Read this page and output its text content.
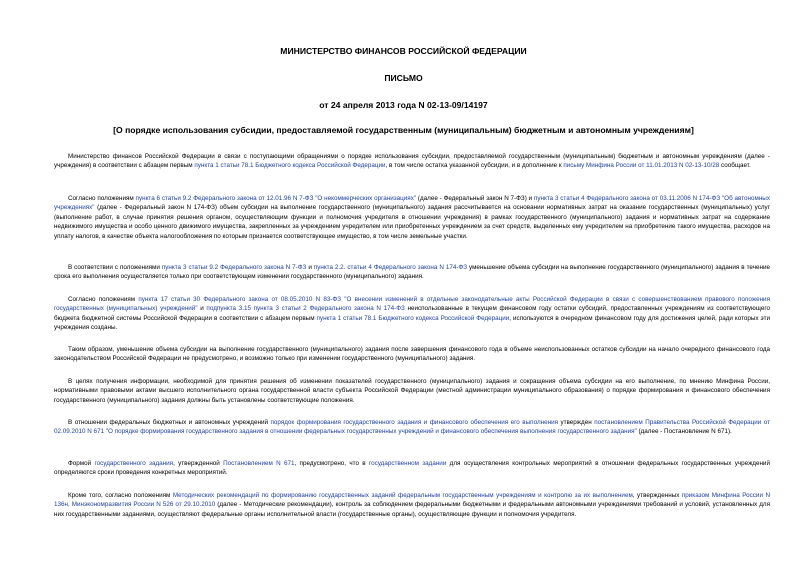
МИНИСТЕРСТВО ФИНАНСОВ РОССИЙСКОЙ ФЕДЕРАЦИИ
ПИСЬМО
от 24 апреля 2013 года N 02-13-09/14197
[О порядке использования субсидии, предоставляемой государственным (муниципальным) бюджетным и автономным учреждениям]

Министерство финансов Российской Федерации в связи с поступающими обращениями о порядке использования субсидии, предоставляемой государственным (муниципальным) бюджетным и автономным учреждениям (далее - учреждения) в соответствии с абзацем первым пункта 1 статьи 78.1 Бюджетного кодекса Российской Федерации, в том числе остатка указанной субсидии, и в дополнение к письму Минфина России от 11.01.2013 N 02-13-10/28 сообщает.

Согласно положениям пункта 6 статьи 9.2 Федерального закона от 12.01.96 N 7-ФЗ "О некоммерческих организациях" (далее - Федеральный закон N 7-ФЗ) и пункта 3 статьи 4 Федерального закона от 03.11.2006 N 174-ФЗ "Об автономных учреждениях" (далее - Федеральный закон N 174-ФЗ) объем субсидии на выполнение государственного (муниципального) задания рассчитывается на основании нормативных затрат на оказание государственных (муниципальных) услуг (выполнение работ, в случае принятия решения органом, осуществляющим функции и полномочия учредителя в отношении учреждения) в рамках государственного (муниципального) задания и нормативных затрат на содержание недвижимого имущества и особо ценного движимого имущества, закрепленных за учреждением учредителем или приобретенных учреждением за счет средств, выделенных ему учредителем на приобретение такого имущества, расходов на уплату налогов, в качестве объекта налогообложения по которым признается соответствующее имущество, в том числе земельные участки.

В соответствии с положениями пункта 3 статьи 9.2 Федерального закона N 7-ФЗ и пункта 2.2. статьи 4 Федерального закона N 174-ФЗ уменьшение объема субсидии на выполнение государственного (муниципального) задания в течение срока его выполнения осуществляется только при соответствующем изменении государственного (муниципального) задания.

Согласно положениям пункта 17 статьи 30 Федерального закона от 08.05.2010 N 83-ФЗ "О внесении изменений в отдельные законодательные акты Российской Федерации в связи с совершенствованием правового положения государственных (муниципальных) учреждений" и подпункта 3.15 пункта 3 статьи 2 Федерального закона N 174-ФЗ неиспользованные в текущем финансовом году остатки субсидий, предоставленных учреждениям из соответствующего бюджета бюджетной системы Российской Федерации в соответствии с абзацем первым пункта 1 статьи 78.1 Бюджетного кодекса Российской Федерации, используются в очередном финансовом году для достижения целей, ради которых эти учреждения созданы.

Таким образом, уменьшение объема субсидии на выполнение государственного (муниципального) задания после завершения финансового года в объеме неиспользованных остатков субсидии на начало очередного финансового года законодательством Российской Федерации не предусмотрено, и возможно только при изменении государственного (муниципального) задания.

В целях получения информации, необходимой для принятия решения об изменении показателей государственного (муниципального) задания и сокращения объема субсидии на его выполнение, по мнению Минфина России, нормативными правовыми актами высшего исполнительного органа государственной власти субъекта Российской Федерации (местной администрации муниципального образования) о порядке формирования и финансового обеспечения государственного (муниципального) задания должны быть установлены соответствующие положения.

В отношении федеральных бюджетных и автономных учреждений порядок формирования государственного задания и финансового обеспечения его выполнения утвержден постановлением Правительства Российской Федерации от 02.09.2010 N 671 "О порядке формирования государственного задания в отношении федеральных государственных учреждений и финансового обеспечения выполнения государственного задания" (далее - Постановление N 671).

Формой государственного задания, утвержденной Постановлением N 671, предусмотрено, что в государственном задании для осуществления контрольных мероприятий в отношении федеральных государственных учреждений определяются сроки проведения конкретных мероприятий.

Кроме того, согласно положениям Методических рекомендаций по формированию государственных заданий федеральным государственным учреждениям и контролю за их выполнением, утвержденных приказом Минфина России N 136н, Минэкономразвития России N 526 от 29.10.2010 (далее - Методические рекомендации), контроль за соблюдением федеральными бюджетными и федеральными автономными учреждениями требований и условий, установленных для них государственными заданиями, осуществляют федеральные органы исполнительной власти (государственные органы), осуществляющие функции и полномочия учредителя.
